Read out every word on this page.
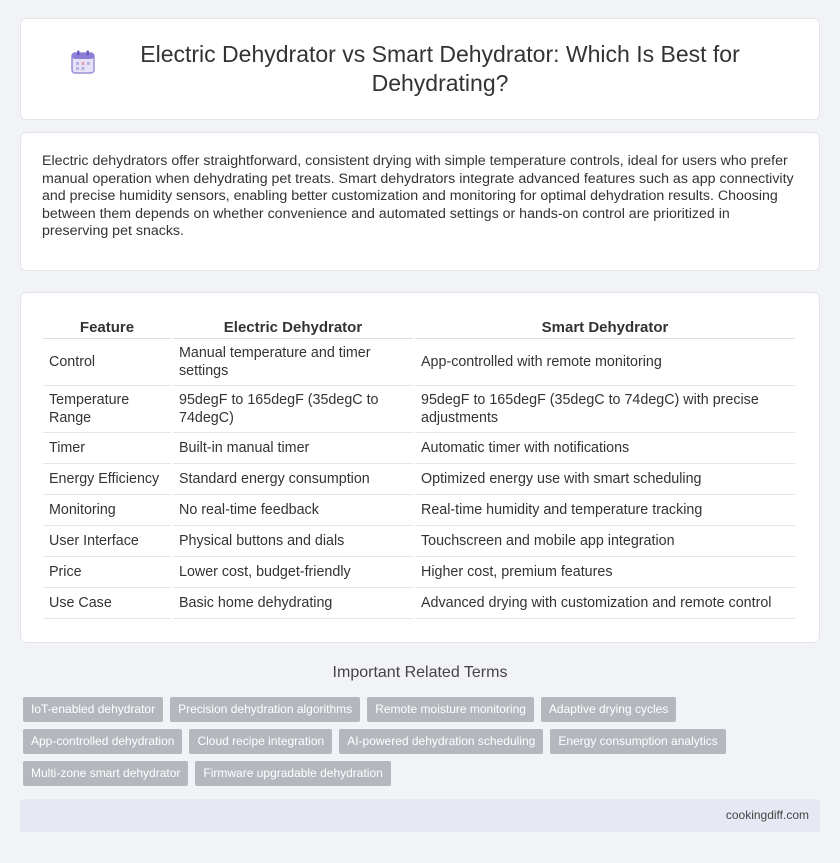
Electric Dehydrator vs Smart Dehydrator: Which Is Best for Dehydrating?

Electric dehydrators offer straightforward, consistent drying with simple temperature controls, ideal for users who prefer manual operation when dehydrating pet treats. Smart dehydrators integrate advanced features such as app connectivity and precise humidity sensors, enabling better customization and monitoring for optimal dehydration results. Choosing between them depends on whether convenience and automated settings or hands-on control are prioritized in preserving pet snacks.

Feature	Electric Dehydrator	Smart Dehydrator
Control	Manual temperature and timer settings	App-controlled with remote monitoring
Temperature Range	95degF to 165degF (35degC to 74degC)	95degF to 165degF (35degC to 74degC) with precise adjustments
Timer	Built-in manual timer	Automatic timer with notifications
Energy Efficiency	Standard energy consumption	Optimized energy use with smart scheduling
Monitoring	No real-time feedback	Real-time humidity and temperature tracking
User Interface	Physical buttons and dials	Touchscreen and mobile app integration
Price	Lower cost, budget-friendly	Higher cost, premium features
Use Case	Basic home dehydrating	Advanced drying with customization and remote control
Important Related Terms
IoT-enabled dehydrator	Precision dehydration algorithms	Remote moisture monitoring	Adaptive drying cycles
App-controlled dehydration	Cloud recipe integration	AI-powered dehydration scheduling	Energy consumption analytics
Multi-zone smart dehydrator	Firmware upgradable dehydration
cookingdiff.com
